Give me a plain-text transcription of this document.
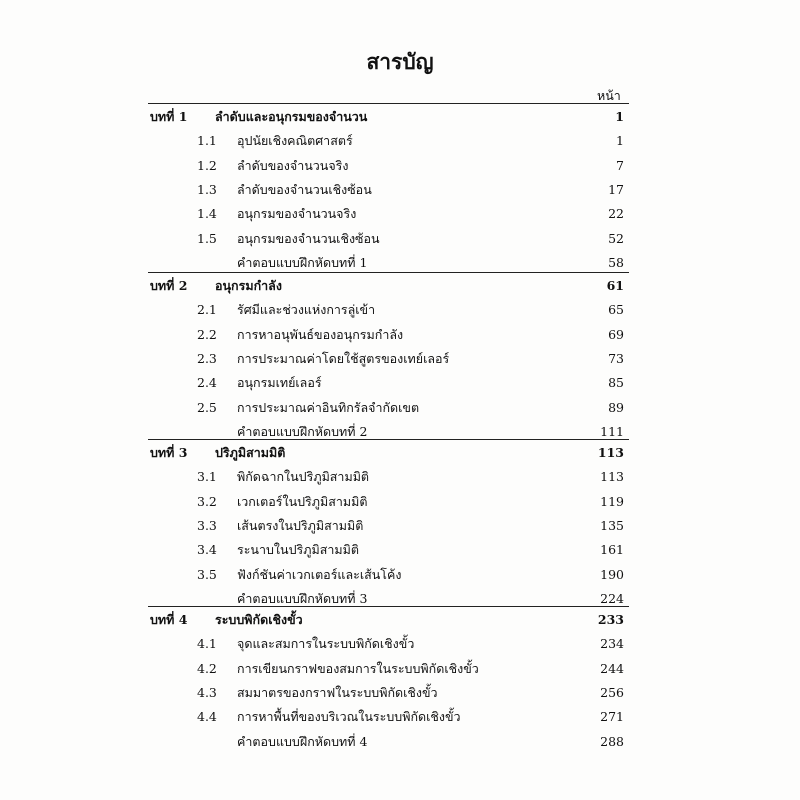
สารบัญ
หน้า
บทที่ 1 ลำดับและอนุกรมของจำนวน	1
1.1 อุปนัยเชิงคณิตศาสตร์	1
1.2 ลำดับของจำนวนจริง	7
1.3 ลำดับของจำนวนเชิงซ้อน	17
1.4 อนุกรมของจำนวนจริง	22
1.5 อนุกรมของจำนวนเชิงซ้อน	52
คำตอบแบบฝึกหัดบทที่ 1	58
บทที่ 2 อนุกรมกำลัง	61
2.1 รัศมีและช่วงแห่งการลู่เข้า	65
2.2 การหาอนุพันธ์ของอนุกรมกำลัง	69
2.3 การประมาณค่าโดยใช้สูตรของเทย์เลอร์	73
2.4 อนุกรมเทย์เลอร์	85
2.5 การประมาณค่าอินทิกรัลจำกัดเขต	89
คำตอบแบบฝึกหัดบทที่ 2	111
บทที่ 3 ปริภูมิสามมิติ	113
3.1 พิกัดฉากในปริภูมิสามมิติ	113
3.2 เวกเตอร์ในปริภูมิสามมิติ	119
3.3 เส้นตรงในปริภูมิสามมิติ	135
3.4 ระนาบในปริภูมิสามมิติ	161
3.5 ฟังก์ชันค่าเวกเตอร์และเส้นโค้ง	190
คำตอบแบบฝึกหัดบทที่ 3	224
บทที่ 4 ระบบพิกัดเชิงขั้ว	233
4.1 จุดและสมการในระบบพิกัดเชิงขั้ว	234
4.2 การเขียนกราฟของสมการในระบบพิกัดเชิงขั้ว	244
4.3 สมมาตรของกราฟในระบบพิกัดเชิงขั้ว	256
4.4 การหาพื้นที่ของบริเวณในระบบพิกัดเชิงขั้ว	271
คำตอบแบบฝึกหัดบทที่ 4	288
